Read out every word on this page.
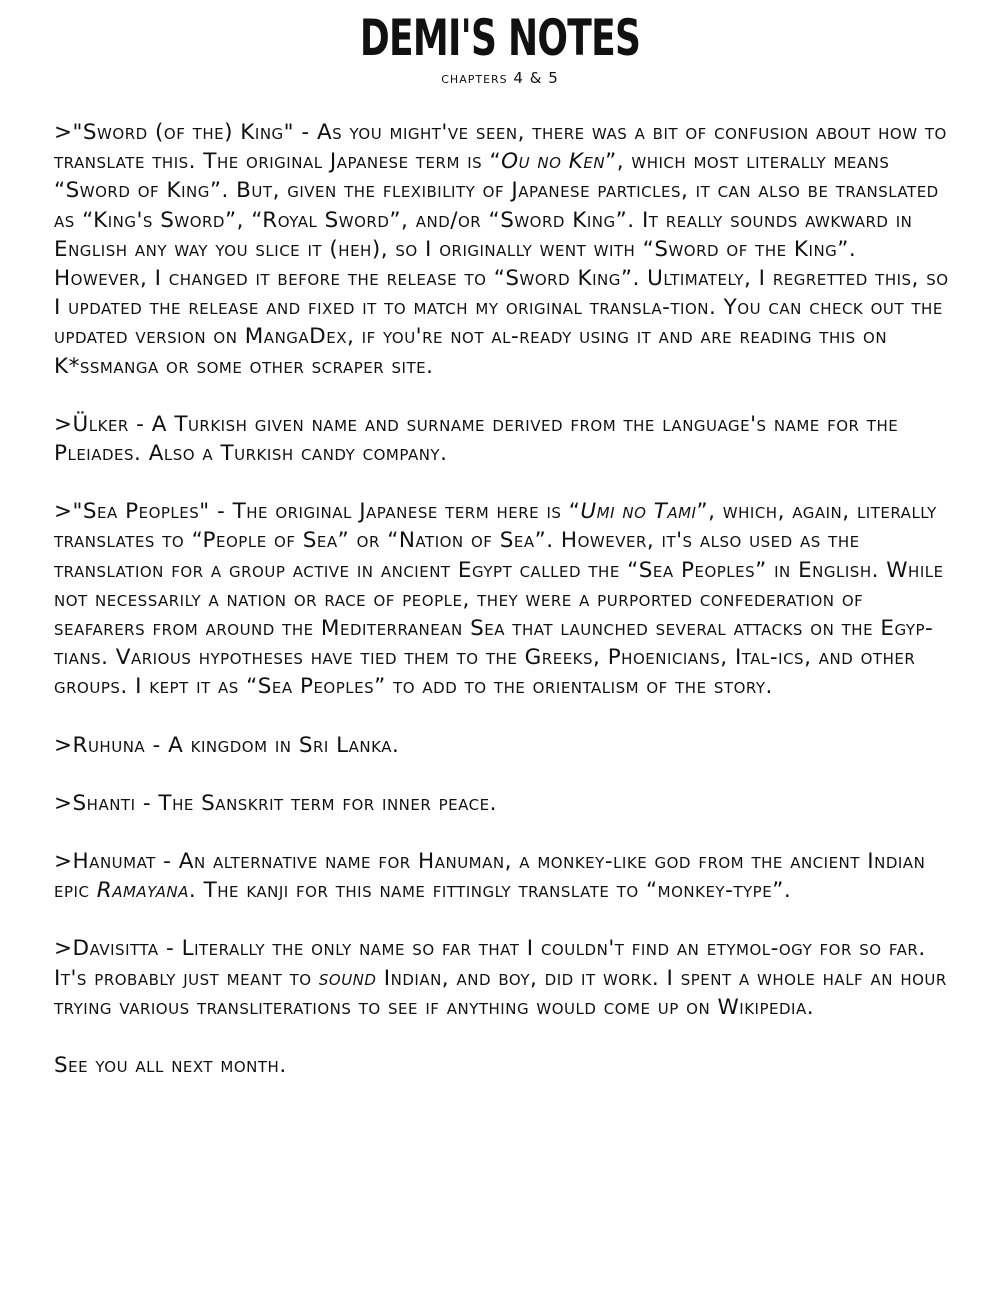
DEMI'S NOTES
chapters 4 & 5

>"Sword (of the) King" - As you might've seen, there was a bit of confusion about how to translate this. The original Japanese term is “Ou no Ken”, which most literally means “Sword of King”. But, given the flexibility of Japanese particles, it can also be translated as “King's Sword”, “Royal Sword”, and/or “Sword King”. It really sounds awkward in English any way you slice it (heh), so I originally went with “Sword of the King”. However, I changed it before the release to “Sword King”. Ultimately, I regretted this, so I updated the release and fixed it to match my original transla-tion. You can check out the updated version on MangaDex, if you're not al-ready using it and are reading this on K*ssmanga or some other scraper site.

>Ülker - A Turkish given name and surname derived from the language's name for the Pleiades. Also a Turkish candy company.

>"Sea Peoples" - The original Japanese term here is “Umi no Tami”, which, again, literally translates to “People of Sea” or “Nation of Sea”. However, it's also used as the translation for a group active in ancient Egypt called the “Sea Peoples” in English. While not necessarily a nation or race of people, they were a purported confederation of seafarers from around the Mediterranean Sea that launched several attacks on the Egyp-tians. Various hypotheses have tied them to the Greeks, Phoenicians, Ital-ics, and other groups. I kept it as “Sea Peoples” to add to the orientalism of the story.

>Ruhuna - A kingdom in Sri Lanka.

>Shanti - The Sanskrit term for inner peace.

>Hanumat - An alternative name for Hanuman, a monkey-like god from the ancient Indian epic Ramayana. The kanji for this name fittingly translate to “monkey-type”.

>Davisitta - Literally the only name so far that I couldn't find an etymol-ogy for so far. It's probably just meant to sound Indian, and boy, did it work. I spent a whole half an hour trying various transliterations to see if anything would come up on Wikipedia.

See you all next month.
